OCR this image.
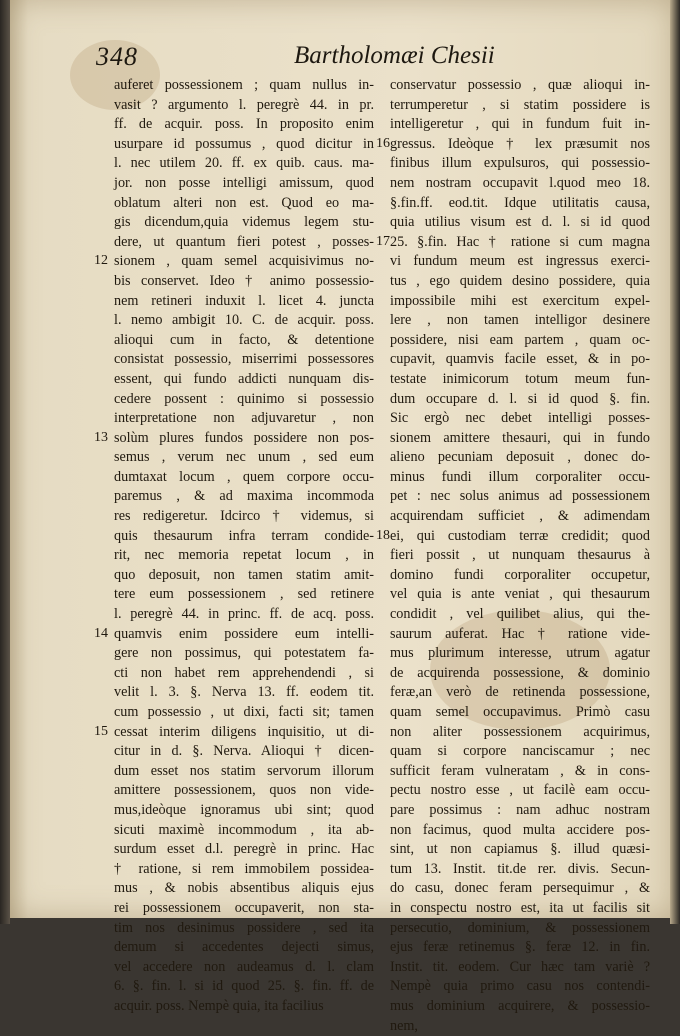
348	Bartholomæi Chesii
auferet possessionem ; quam nullus in-
vasit ? argumento l. peregrè 44. in pr.
ff. de acquir. poss. In proposito enim
usurpare id possumus , quod dicitur in
l. nec utilem 20. ff. ex quib. caus. ma-
jor. non posse intelligi amissum, quod
oblatum alteri non est. Quod eo ma-
gis dicendum,quia videmus legem stu-
dere, ut quantum fieri potest , posses-
sionem , quam semel acquisivimus no-
bis conservet. Ideo † animo possessio-
nem retineri induxit l. licet 4. juncta
l. nemo ambigit 10. C. de acquir. poss.
alioqui cum in facto, & detentione
consistat possessio, miserrimi possessores
essent, qui fundo addicti nunquam dis-
cedere possent : quinimo si possessio
interpretatione non adjuvaretur , non
solùm plures fundos possidere non pos-
semus , verum nec unum , sed eum
dumtaxat locum , quem corpore occu-
paremus , & ad maxima incommoda
res redigeretur. Idcirco † videmus, si
quis thesaurum infra terram condide-
rit, nec memoria repetat locum , in
quo deposuit, non tamen statim amit-
tere eum possessionem , sed retinere
l. peregrè 44. in princ. ff. de acq. poss.
quamvis enim possidere eum intelli-
gere non possimus, qui potestatem fa-
cti non habet rem apprehendendi , si
velit l. 3. §. Nerva 13. ff. eodem tit.
cum possessio , ut dixi, facti sit; tamen
cessat interim diligens inquisitio, ut di-
citur in d. §. Nerva. Alioqui † dicen-
dum esset nos statim servorum illorum
amittere possessionem, quos non vide-
mus,ideòque ignoramus ubi sint; quod
sicuti maximè incommodum , ita ab-
surdum esset d.l. peregrè in princ. Hac
† ratione, si rem immobilem possidea-
mus , & nobis absentibus aliquis ejus
rei possessionem occupaverit, non sta-
tim nos desinimus possidere , sed ita
demum si accedentes dejecti simus,
vel accedere non audeamus d. l. clam
6. §. fin. l. si id quod 25. §. fin. ff. de
acquir. poss. Nempè quia, ita facilius
conservatur possessio , quæ alioqui in-
terrumperetur , si statim possidere is
intelligeretur , qui in fundum fuit in-
gressus. Ideòque † lex præsumit nos
finibus illum expulsuros, qui possessio-
nem nostram occupavit l.quod meo 18.
§.fin.ff. eod.tit. Idque utilitatis causa,
quia utilius visum est d. l. si id quod
25. §.fin. Hac † ratione si cum magna
vi fundum meum est ingressus exerci-
tus , ego quidem desino possidere, quia
impossibile mihi est exercitum expel-
lere , non tamen intelligor desinere
possidere, nisi eam partem , quam oc-
cupavit, quamvis facile esset, & in po-
testate inimicorum totum meum fun-
dum occupare d. l. si id quod §. fin.
Sic ergò nec debet intelligi posses-
sionem amittere thesauri, qui in fundo
alieno pecuniam deposuit , donec do-
minus fundi illum corporaliter occu-
pet : nec solus animus ad possessionem
acquirendam sufficiet , & adimendam
ei, qui custodiam terræ credidit; quod
fieri possit , ut nunquam thesaurus à
domino fundi corporaliter occupetur,
vel quia is ante veniat , qui thesaurum
condidit , vel quilibet alius, qui the-
saurum auferat. Hac † ratione vide-
mus plurimum interesse, utrum agatur
de acquirenda possessione, & dominio
feræ,an verò de retinenda possessione,
quam semel occupavimus. Primò casu
non aliter possessionem acquirimus,
quam si corpore nanciscamur ; nec
sufficit feram vulneratam , & in cons-
pectu nostro esse , ut facilè eam occu-
pare possimus : nam adhuc nostram
non facimus, quod multa accidere pos-
sint, ut non capiamus §. illud quæsi-
tum 13. Instit. tit.de rer. divis. Secun-
do casu, donec feram persequimur , &
in conspectu nostro est, ita ut facilis sit
persecutio, dominium, & possessionem
ejus feræ retinemus §. feræ 12. in fin.
Instit. tit. eodem. Cur hæc tam variè ?
Nempè quia primo casu nos contendi-
mus dominium acquirere, & possessio-
nem,
12
13
14
15
16
17
18
